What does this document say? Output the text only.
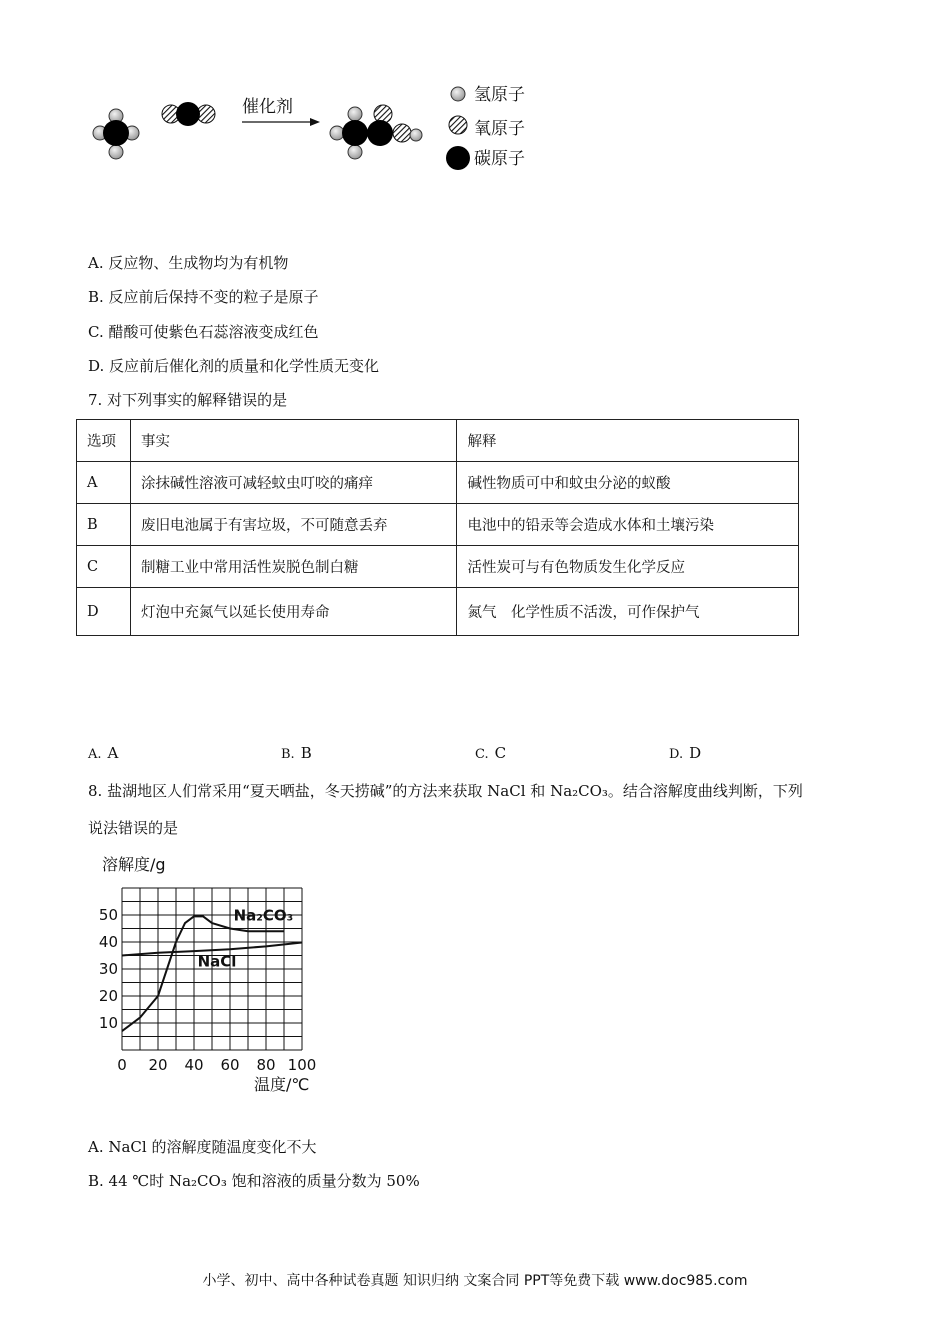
催化剂
氢原子
氧原子
碳原子
A. 反应物、生成物均为有机物
B. 反应前后保持不变的粒子是原子
C. 醋酸可使紫色石蕊溶液变成红色
D. 反应前后催化剂的质量和化学性质无变化
7. 对下列事实的解释错误的是
选项	事实	解释
A	涂抹碱性溶液可减轻蚊虫叮咬的痛痒	碱性物质可中和蚊虫分泌的蚁酸
B	废旧电池属于有害垃圾，不可随意丢弃	电池中的铅汞等会造成水体和土壤污染
C	制糖工业中常用活性炭脱色制白糖	活性炭可与有色物质发生化学反应
D	灯泡中充氮气以延长使用寿命	氮气　化学性质不活泼，可作保护气
A. A	B. B	C. C	D. D
8. 盐湖地区人们常采用“夏天晒盐，冬天捞碱”的方法来获取 NaCl 和 Na₂CO₃。结合溶解度曲线判断，下列
说法错误的是
溶解度/g
温度/℃
0 20 40 60 80 100
10
20
30
40
50	Na₂CO₃
NaCl
A. NaCl 的溶解度随温度变化不大
B. 44 ℃时 Na₂CO₃ 饱和溶液的质量分数为 50%
小学、初中、高中各种试卷真题 知识归纳 文案合同 PPT等免费下载 www.doc985.com
